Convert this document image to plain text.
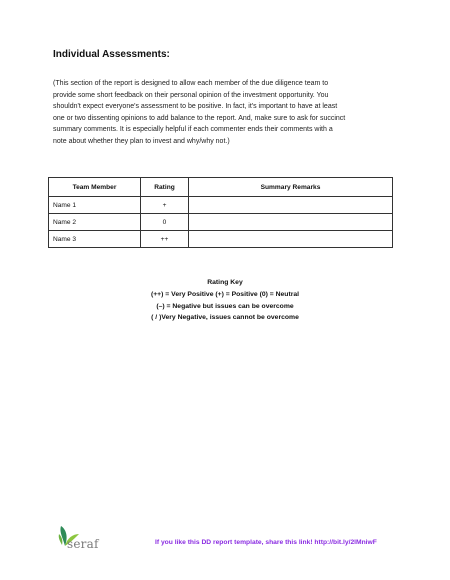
Individual Assessments:
(This section of the report is designed to allow each member of the due diligence team to
provide some short feedback on their personal opinion of the investment opportunity. You
shouldn't expect everyone's assessment to be positive. In fact, it's important to have at least
one or two dissenting opinions to add balance to the report. And, make sure to ask for succinct
summary comments. It is especially helpful if each commenter ends their comments with a
note about whether they plan to invest and why/why not.)
Team Member	Rating	Summary Remarks
Name 1	+	
Name 2	0	
Name 3	++	
Rating Key
(++) = Very Positive (+) = Positive (0) = Neutral
(–) = Negative but issues can be overcome
( / )Very Negative, issues cannot be overcome
seraf	If you like this DD report template, share this link! http://bit.ly/2lMniwF
